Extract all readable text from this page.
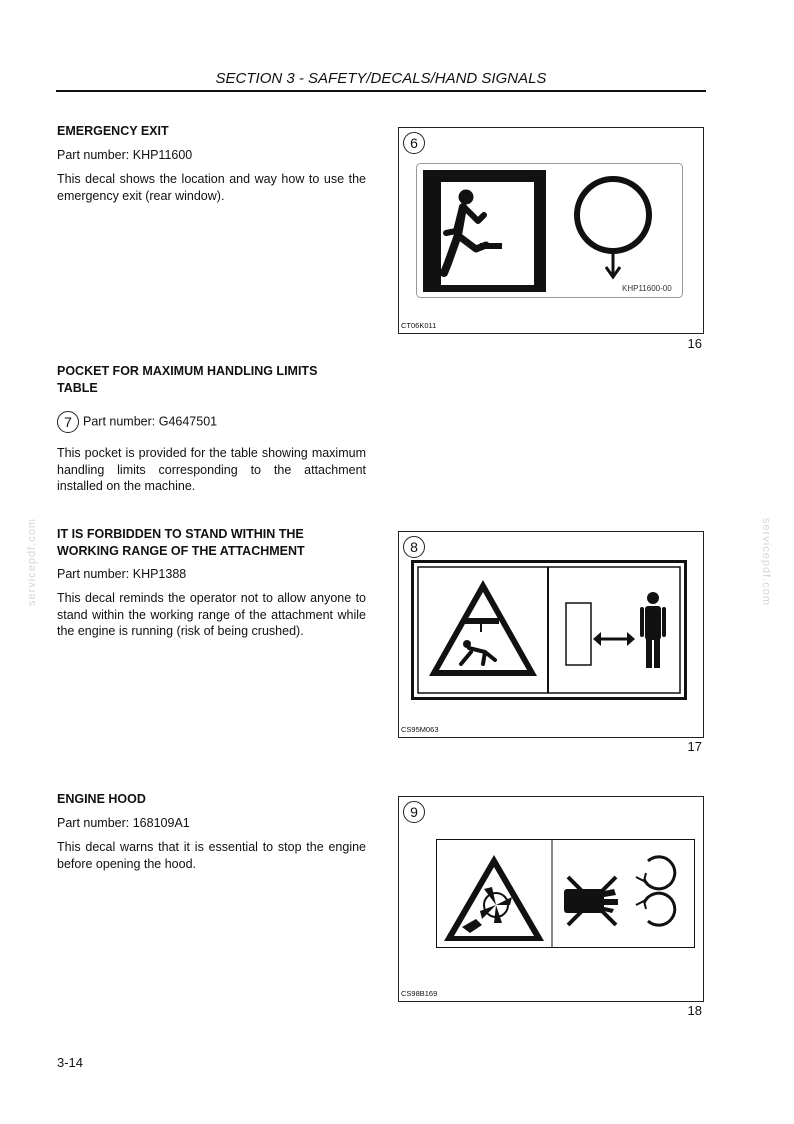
SECTION 3 - SAFETY/DECALS/HAND SIGNALS
EMERGENCY EXIT
Part number: KHP11600
This decal shows the location and way how to use the emergency exit (rear window).
POCKET FOR MAXIMUM HANDLING LIMITS TABLE
7 Part number: G4647501
This pocket is provided for the table showing maximum handling limits corresponding to the attachment installed on the machine.
IT IS FORBIDDEN TO STAND WITHIN THE WORKING RANGE OF THE ATTACHMENT
Part number: KHP1388
This decal reminds the operator not to allow anyone to stand within the working range of the attachment while the engine is running (risk of being crushed).
ENGINE HOOD
Part number: 168109A1
This decal warns that it is essential to stop the engine before opening the hood.
6
KHP11600-00
CT06K011
16
8
CS95M063
17
9
CS98B169
18
3-14
servicepdf.com	servicepdf.com
